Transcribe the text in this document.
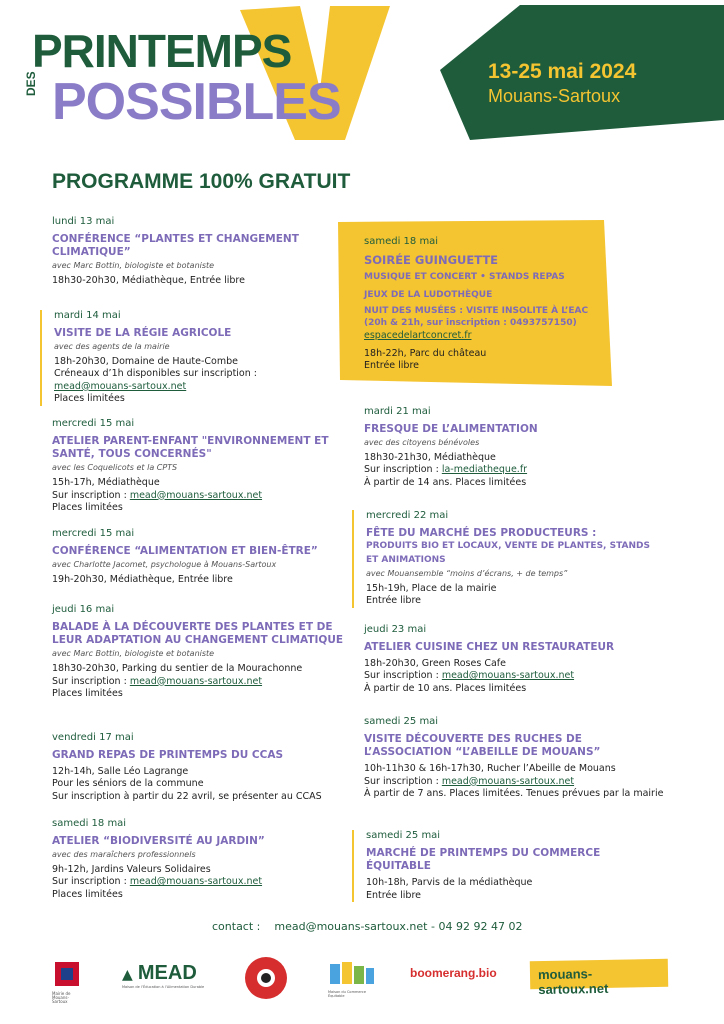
PRINTEMPS
DES POSSIBLES
13-25 mai 2024
Mouans-Sartoux
PROGRAMME 100% GRATUIT
lundi 13 mai
CONFÉRENCE “PLANTES ET CHANGEMENT CLIMATIQUE”
avec Marc Bottin, biologiste et botaniste
18h30-20h30, Médiathèque, Entrée libre
mardi 14 mai
VISITE DE LA RÉGIE AGRICOLE
avec des agents de la mairie
18h-20h30, Domaine de Haute-Combe
Créneaux d’1h disponibles sur inscription :
mead@mouans-sartoux.net
Places limitées
mercredi 15 mai
ATELIER PARENT-ENFANT "ENVIRONNEMENT ET SANTÉ, TOUS CONCERNÉS"
avec les Coquelicots et la CPTS
15h-17h, Médiathèque
Sur inscription : mead@mouans-sartoux.net
Places limitées
mercredi 15 mai
CONFÉRENCE “ALIMENTATION ET BIEN-ÊTRE”
avec Charlotte Jacomet, psychologue à Mouans-Sartoux
19h-20h30, Médiathèque, Entrée libre
jeudi 16 mai
BALADE À LA DÉCOUVERTE DES PLANTES ET DE LEUR ADAPTATION AU CHANGEMENT CLIMATIQUE
avec Marc Bottin, biologiste et botaniste
18h30-20h30, Parking du sentier de la Mourachonne
Sur inscription : mead@mouans-sartoux.net
Places limitées
vendredi 17 mai
GRAND REPAS DE PRINTEMPS DU CCAS
12h-14h, Salle Léo Lagrange
Pour les séniors de la commune
Sur inscription à partir du 22 avril, se présenter au CCAS
samedi 18 mai
ATELIER “BIODIVERSITÉ AU JARDIN”
avec des maraîchers professionnels
9h-12h, Jardins Valeurs Solidaires
Sur inscription : mead@mouans-sartoux.net
Places limitées
samedi 18 mai
SOIRÉE GUINGUETTE
MUSIQUE ET CONCERT • STANDS REPAS
JEUX DE LA LUDOTHÈQUE
NUIT DES MUSÉES : VISITE INSOLITE À L’EAC
(20h & 21h, sur inscription : 0493757150)
espacedelartconcret.fr
18h-22h, Parc du château
Entrée libre
mardi 21 mai
FRESQUE DE L’ALIMENTATION
avec des citoyens bénévoles
18h30-21h30, Médiathèque
Sur inscription : la-mediatheque.fr
À partir de 14 ans. Places limitées
mercredi 22 mai
FÊTE DU MARCHÉ DES PRODUCTEURS :
PRODUITS BIO ET LOCAUX, VENTE DE PLANTES, STANDS ET ANIMATIONS
avec Mouansemble “moins d’écrans, + de temps”
15h-19h, Place de la mairie
Entrée libre
jeudi 23 mai
ATELIER CUISINE CHEZ UN RESTAURATEUR
18h-20h30, Green Roses Cafe
Sur inscription : mead@mouans-sartoux.net
À partir de 10 ans. Places limitées
samedi 25 mai
VISITE DÉCOUVERTE DES RUCHES DE L’ASSOCIATION “L’ABEILLE DE MOUANS”
10h-11h30 & 16h-17h30, Rucher l’Abeille de Mouans
Sur inscription : mead@mouans-sartoux.net
À partir de 7 ans. Places limitées. Tenues prévues par la mairie
samedi 25 mai
MARCHÉ DE PRINTEMPS DU COMMERCE ÉQUITABLE
10h-18h, Parvis de la médiathèque
Entrée libre
contact : mead@mouans-sartoux.net - 04 92 92 47 02
Mairie de Mouans-Sartoux
▲ MEAD
Maison de l’Éducation à l’Alimentation Durable
Maison du Commerce Équitable
boomerang.bio	mouans-sartoux.net
